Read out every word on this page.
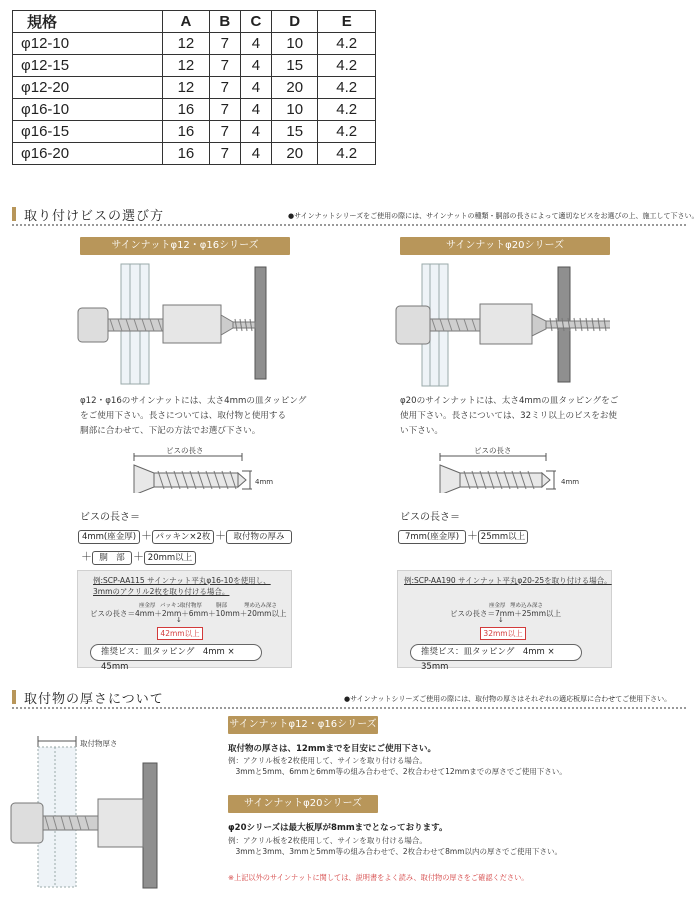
規格	A	B	C	D	E
φ12-10	12	7	4	10	4.2
φ12-15	12	7	4	15	4.2
φ12-20	12	7	4	20	4.2
φ16-10	16	7	4	10	4.2
φ16-15	16	7	4	15	4.2
φ16-20	16	7	4	20	4.2
取り付けビスの選び方	●サインナットシリーズをご使用の際には、サインナットの種類・胴部の長さによって適切なビスをお選びの上、施工して下さい。
サインナットφ12・φ16シリーズ	サインナットφ20シリーズ
φ12・φ16のサインナットには、太さ4mmの皿タッピング
をご使用下さい。長さについては、取付物と使用する
胴部に合わせて、下記の方法でお選び下さい。
φ20のサインナットには、太さ4mmの皿タッピングをご
使用下さい。長さについては、32ミリ以上のビスをお使
い下さい。
ビスの長さ
4mm
ビスの長さ
4mm
ビスの長さ＝
4mm(座金厚) ＋ パッキン×2枚 ＋ 取付物の厚み
＋ 胴　部 ＋ 20mm以上
ビスの長さ＝
7mm(座金厚) ＋ 25mm以上
例:SCP-AA115 サインナット平丸φ16-10を使用し、
3mmのアクリル2枚を取り付ける場合。
座金厚 パッキン
取付物厚	胴部	埋め込み深さ
ビスの長さ＝4mm＋2mm＋6mm＋10mm＋20mm以上
↓
42mm以上
推奨ビス：皿タッピング　4mm × 45mm
例:SCP-AA190 サインナット平丸φ20-25を取り付ける場合。
座金厚 埋め込み深さ
ビスの長さ＝7mm＋25mm以上
↓
32mm以上
推奨ビス：皿タッピング　4mm × 35mm
取付物の厚さについて	●サインナットシリーズご使用の際には、取付物の厚さはそれぞれの適応板厚に合わせてご使用下さい。
取付物厚さ
サインナットφ12・φ16シリーズ
取付物の厚さは、12mmまでを目安にご使用下さい。
例：アクリル板を2枚使用して、サインを取り付ける場合。
　3mmと5mm、6mmと6mm等の組み合わせで、2枚合わせて12mmまでの厚さでご使用下さい。
サインナットφ20シリーズ
φ20シリーズは最大板厚が8mmまでとなっております。
例：アクリル板を2枚使用して、サインを取り付ける場合。
　3mmと3mm、3mmと5mm等の組み合わせで、2枚合わせて8mm以内の厚さでご使用下さい。
※上記以外のサインナットに関しては、説明書をよく読み、取付物の厚さをご確認ください。
